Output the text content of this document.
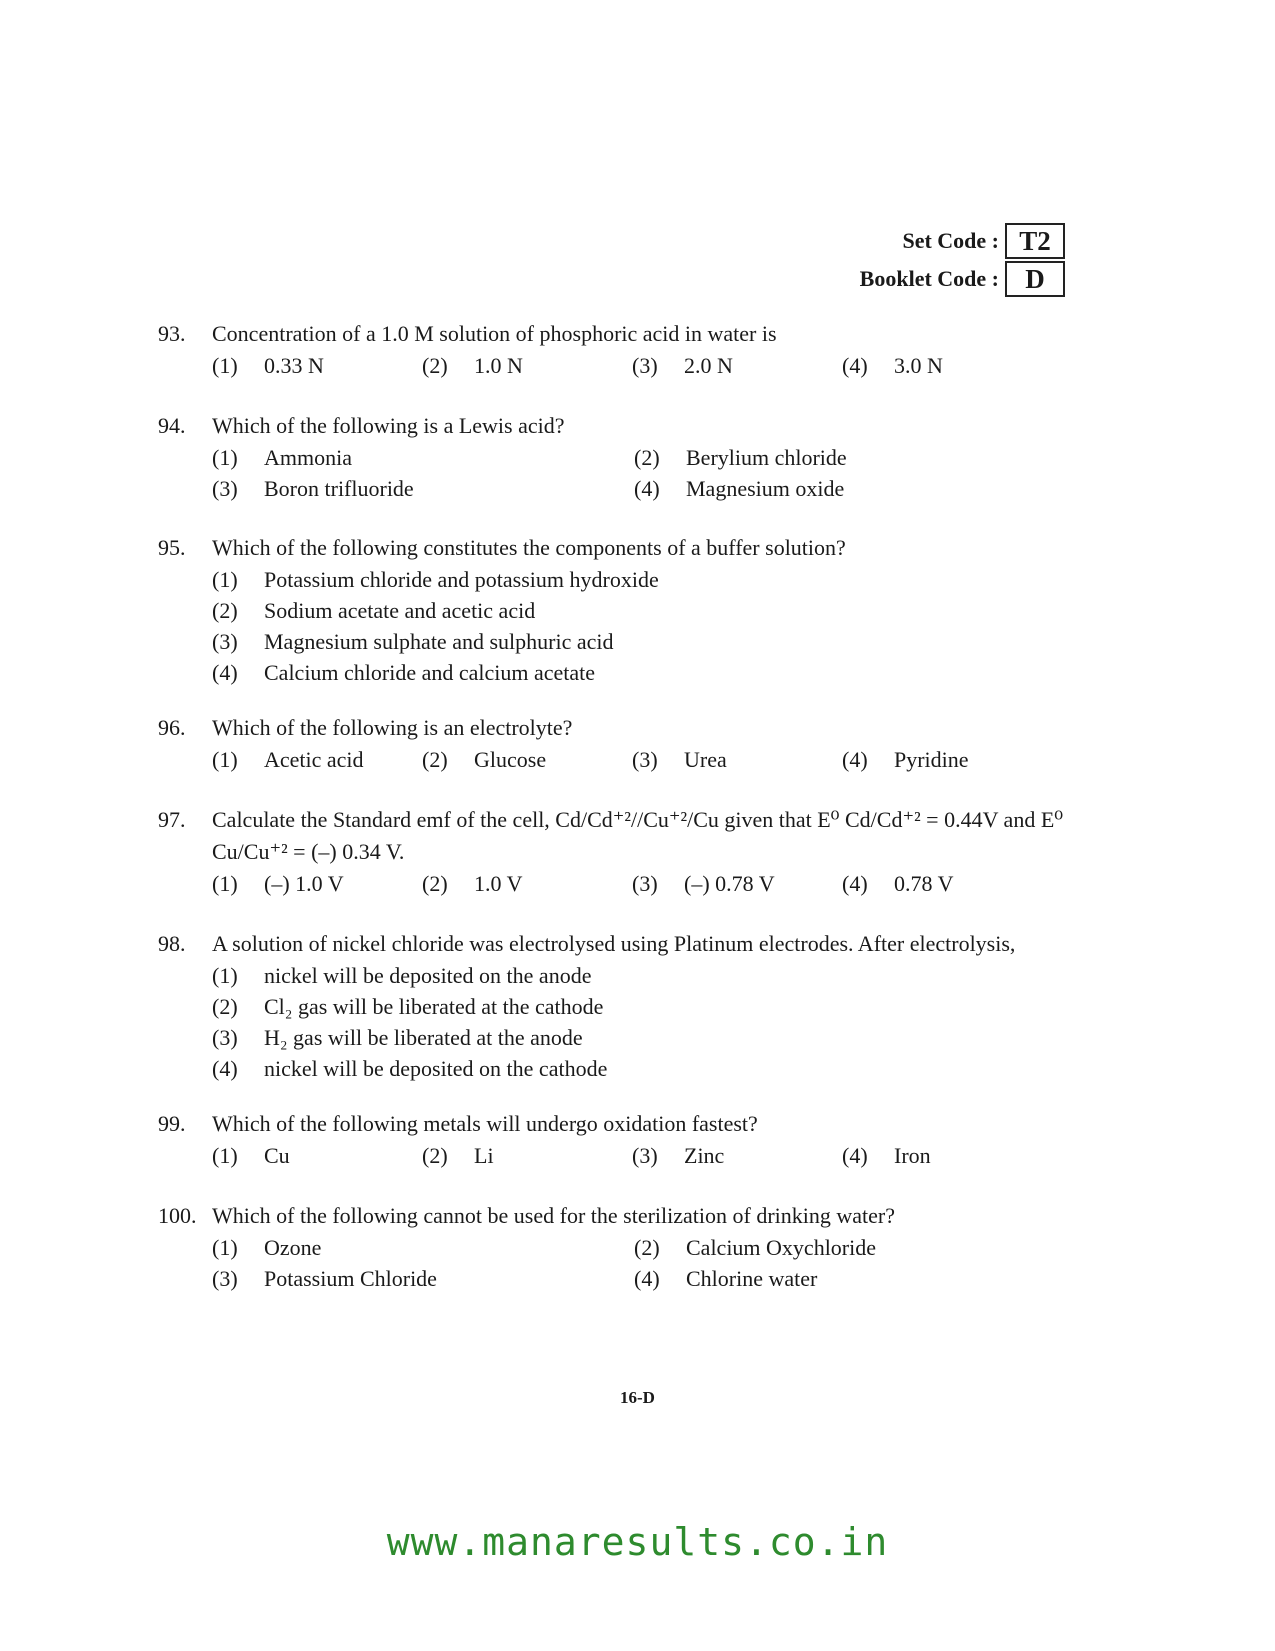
Set Code : T2
Booklet Code : D
93.	Concentration of a 1.0 M solution of phosphoric acid in water is
(1) 0.33 N	(2) 1.0 N	(3) 2.0 N	(4) 3.0 N
94.	Which of the following is a Lewis acid?
(1) Ammonia	(2) Berylium chloride
(3) Boron trifluoride	(4) Magnesium oxide
95.	Which of the following constitutes the components of a buffer solution?
(1) Potassium chloride and potassium hydroxide
(2) Sodium acetate and acetic acid
(3) Magnesium sulphate and sulphuric acid
(4) Calcium chloride and calcium acetate
96.	Which of the following is an electrolyte?
(1) Acetic acid	(2) Glucose	(3) Urea	(4) Pyridine
97.	Calculate the Standard emf of the cell, Cd/Cd⁺²//Cu⁺²/Cu given that E⁰ Cd/Cd⁺² = 0.44V and E⁰ Cu/Cu⁺² = (–) 0.34 V.
(1) (–) 1.0 V	(2) 1.0 V	(3) (–) 0.78 V	(4) 0.78 V
98.	A solution of nickel chloride was electrolysed using Platinum electrodes. After electrolysis,
(1) nickel will be deposited on the anode
(2) Cl₂ gas will be liberated at the cathode
(3) H₂ gas will be liberated at the anode
(4) nickel will be deposited on the cathode
99.	Which of the following metals will undergo oxidation fastest?
(1) Cu	(2) Li	(3) Zinc	(4) Iron
100. Which of the following cannot be used for the sterilization of drinking water?
(1) Ozone	(2) Calcium Oxychloride
(3) Potassium Chloride	(4) Chlorine water
16-D
www.manaresults.co.in
